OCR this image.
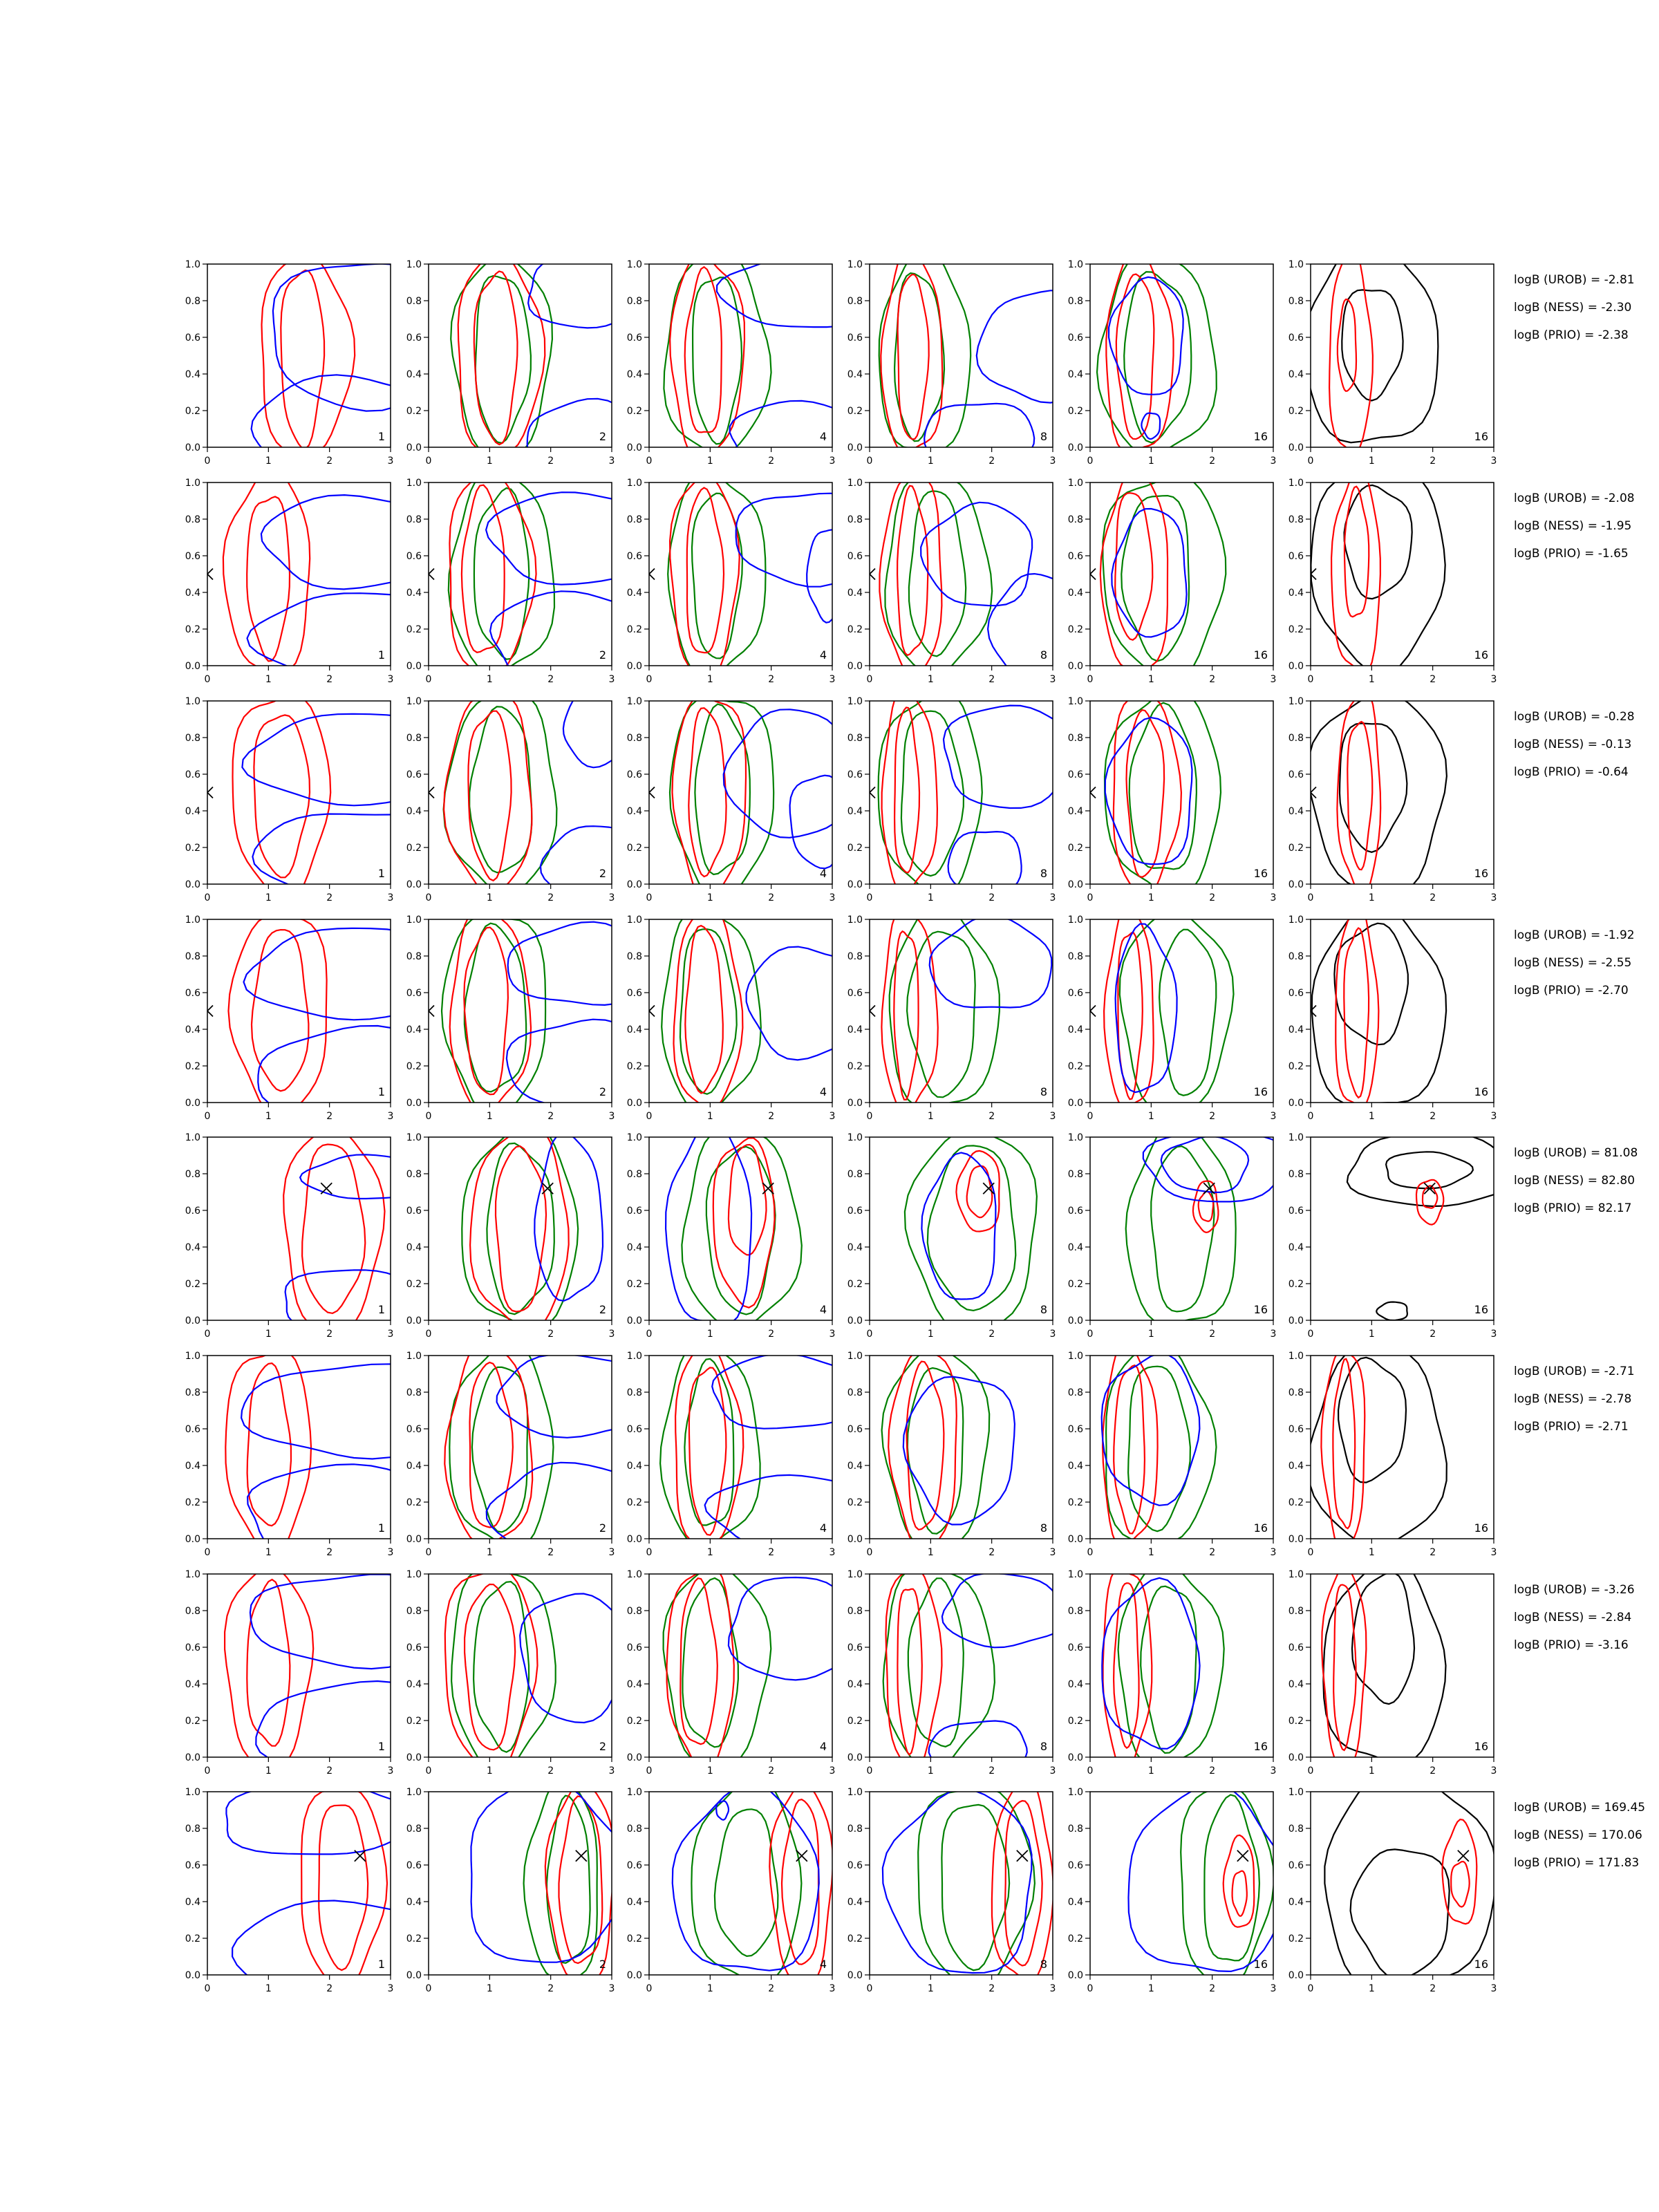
0	1	2	3
0.0
0.2
0.4
0.6
0.8
1.0
1
0	1	2	3
0.0
0.2
0.4
0.6
0.8
1.0
2
0	1	2	3
0.0
0.2
0.4
0.6
0.8
1.0
4
0	1	2	3
0.0
0.2
0.4
0.6
0.8
1.0
8
0	1	2	3
0.0
0.2
0.4
0.6
0.8
1.0
16
0	1	2	3
0.0
0.2
0.4
0.6
0.8
1.0
16
logB (UROB) = -2.81
logB (NESS) = -2.30
logB (PRIO) = -2.38
0	1	2	3
0.0
0.2
0.4
0.6
0.8
1.0
1
0	1	2	3
0.0
0.2
0.4
0.6
0.8
1.0
2
0	1	2	3
0.0
0.2
0.4
0.6
0.8
1.0
4
0	1	2	3
0.0
0.2
0.4
0.6
0.8
1.0
8
0	1	2	3
0.0
0.2
0.4
0.6
0.8
1.0
16
0	1	2	3
0.0
0.2
0.4
0.6
0.8
1.0
16
logB (UROB) = -2.08
logB (NESS) = -1.95
logB (PRIO) = -1.65
0	1	2	3
0.0
0.2
0.4
0.6
0.8
1.0
1
0	1	2	3
0.0
0.2
0.4
0.6
0.8
1.0
2
0	1	2	3
0.0
0.2
0.4
0.6
0.8
1.0
4
0	1	2	3
0.0
0.2
0.4
0.6
0.8
1.0
8
0	1	2	3
0.0
0.2
0.4
0.6
0.8
1.0
16
0	1	2	3
0.0
0.2
0.4
0.6
0.8
1.0
16
logB (UROB) = -0.28
logB (NESS) = -0.13
logB (PRIO) = -0.64
0	1	2	3
0.0
0.2
0.4
0.6
0.8
1.0
1
0	1	2	3
0.0
0.2
0.4
0.6
0.8
1.0
2
0	1	2	3
0.0
0.2
0.4
0.6
0.8
1.0
4
0	1	2	3
0.0
0.2
0.4
0.6
0.8
1.0
8
0	1	2	3
0.0
0.2
0.4
0.6
0.8
1.0
16
0	1	2	3
0.0
0.2
0.4
0.6
0.8
1.0
16
logB (UROB) = -1.92
logB (NESS) = -2.55
logB (PRIO) = -2.70
0	1	2	3
0.0
0.2
0.4
0.6
0.8
1.0
1
0	1	2	3
0.0
0.2
0.4
0.6
0.8
1.0
2
0	1	2	3
0.0
0.2
0.4
0.6
0.8
1.0
4
0	1	2	3
0.0
0.2
0.4
0.6
0.8
1.0
8
0	1	2	3
0.0
0.2
0.4
0.6
0.8
1.0
16
0	1	2	3
0.0
0.2
0.4
0.6
0.8
1.0
16
logB (UROB) = 81.08
logB (NESS) = 82.80
logB (PRIO) = 82.17
0	1	2	3
0.0
0.2
0.4
0.6
0.8
1.0
1
0	1	2	3
0.0
0.2
0.4
0.6
0.8
1.0
2
0	1	2	3
0.0
0.2
0.4
0.6
0.8
1.0
4
0	1	2	3
0.0
0.2
0.4
0.6
0.8
1.0
8
0	1	2	3
0.0
0.2
0.4
0.6
0.8
1.0
16
0	1	2	3
0.0
0.2
0.4
0.6
0.8
1.0
16
logB (UROB) = -2.71
logB (NESS) = -2.78
logB (PRIO) = -2.71
0	1	2	3
0.0
0.2
0.4
0.6
0.8
1.0
1
0	1	2	3
0.0
0.2
0.4
0.6
0.8
1.0
2
0	1	2	3
0.0
0.2
0.4
0.6
0.8
1.0
4
0	1	2	3
0.0
0.2
0.4
0.6
0.8
1.0
8
0	1	2	3
0.0
0.2
0.4
0.6
0.8
1.0
16
0	1	2	3
0.0
0.2
0.4
0.6
0.8
1.0
16
logB (UROB) = -3.26
logB (NESS) = -2.84
logB (PRIO) = -3.16
0	1	2	3
0.0
0.2
0.4
0.6
0.8
1.0
1
0	1	2	3
0.0
0.2
0.4
0.6
0.8
1.0
2
0	1	2	3
0.0
0.2
0.4
0.6
0.8
1.0
4
0	1	2	3
0.0
0.2
0.4
0.6
0.8
1.0
8
0	1	2	3
0.0
0.2
0.4
0.6
0.8
1.0
16
0	1	2	3
0.0
0.2
0.4
0.6
0.8
1.0
16
logB (UROB) = 169.45
logB (NESS) = 170.06
logB (PRIO) = 171.83
